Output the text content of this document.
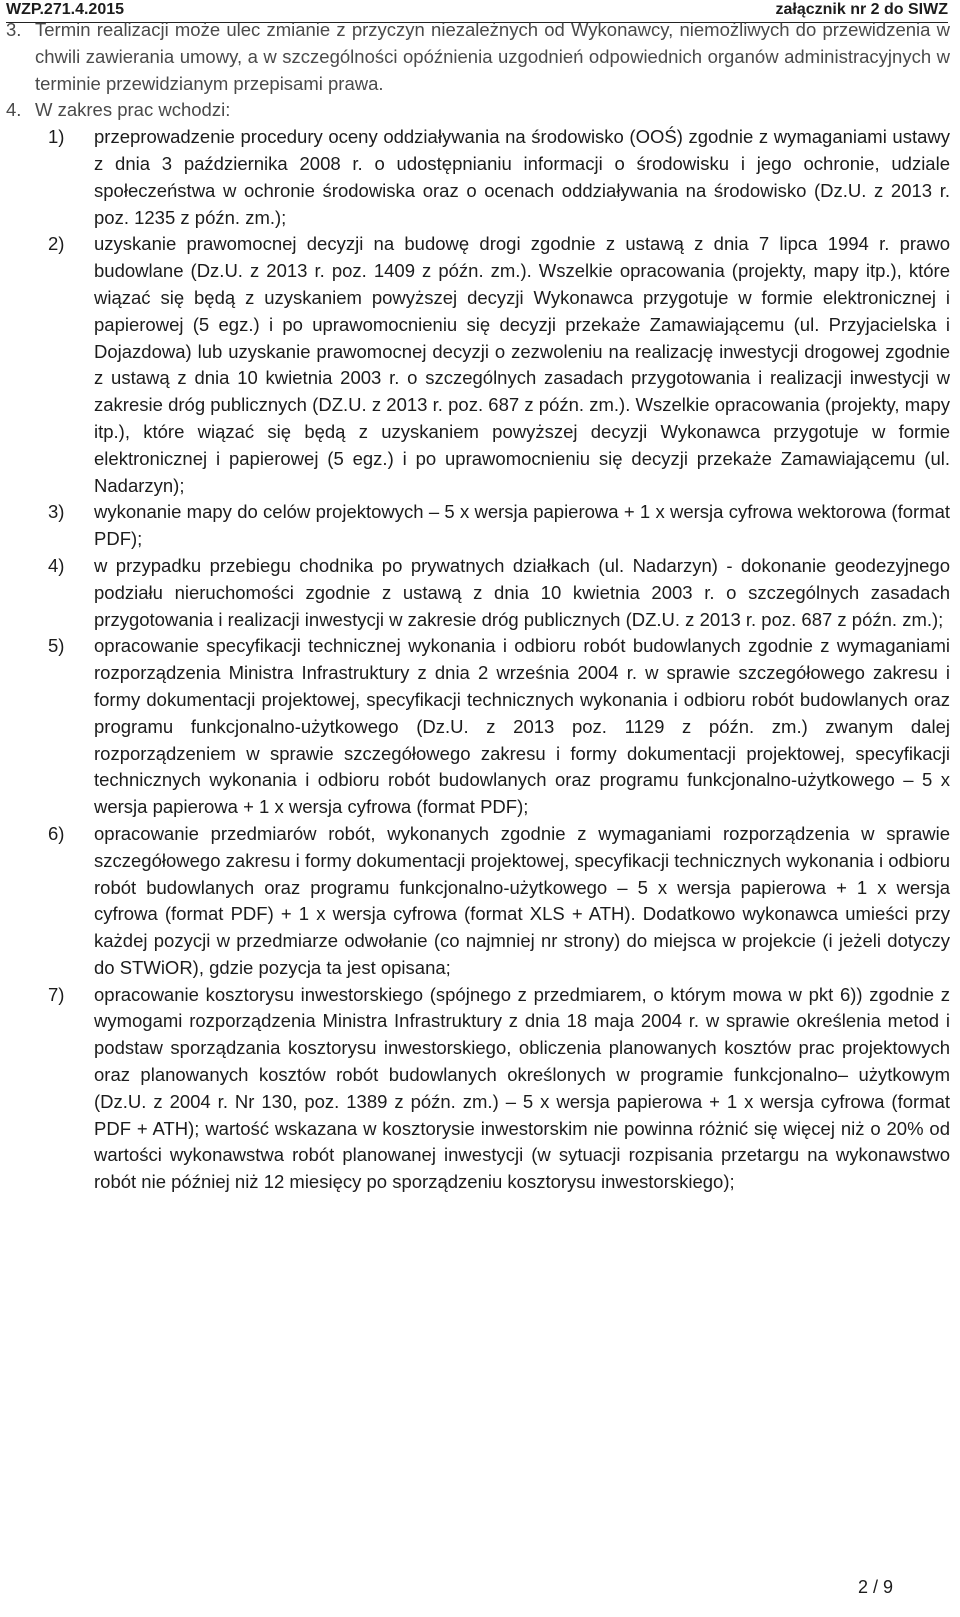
WZP.271.4.2015	załącznik nr 2 do SIWZ
3. Termin realizacji może ulec zmianie z przyczyn niezależnych od Wykonawcy, niemożliwych do przewidzenia w chwili zawierania umowy, a w szczególności opóźnienia uzgodnień odpowiednich organów administracyjnych w terminie przewidzianym przepisami prawa.
4. W zakres prac wchodzi:
1) przeprowadzenie procedury oceny oddziaływania na środowisko (OOŚ) zgodnie z wymaganiami ustawy z dnia 3 października 2008 r. o udostępnianiu informacji o środowisku i jego ochronie, udziale społeczeństwa w ochronie środowiska oraz o ocenach oddziaływania na środowisko (Dz.U. z 2013 r. poz. 1235 z późn. zm.);
2) uzyskanie prawomocnej decyzji na budowę drogi zgodnie z ustawą z dnia 7 lipca 1994 r. prawo budowlane (Dz.U. z 2013 r. poz. 1409 z późn. zm.). Wszelkie opracowania (projekty, mapy itp.), które wiązać się będą z uzyskaniem powyższej decyzji Wykonawca przygotuje w formie elektronicznej i papierowej (5 egz.) i po uprawomocnieniu się decyzji przekaże Zamawiającemu (ul. Przyjacielska i Dojazdowa) lub uzyskanie prawomocnej decyzji o zezwoleniu na realizację inwestycji drogowej zgodnie z ustawą z dnia 10 kwietnia 2003 r. o szczególnych zasadach przygotowania i realizacji inwestycji w zakresie dróg publicznych (DZ.U. z 2013 r. poz. 687 z późn. zm.). Wszelkie opracowania (projekty, mapy itp.), które wiązać się będą z uzyskaniem powyższej decyzji Wykonawca przygotuje w formie elektronicznej i papierowej (5 egz.) i po uprawomocnieniu się decyzji przekaże Zamawiającemu (ul. Nadarzyn);
3) wykonanie mapy do celów projektowych – 5 x wersja papierowa + 1 x wersja cyfrowa wektorowa (format PDF);
4) w przypadku przebiegu chodnika po prywatnych działkach (ul. Nadarzyn) - dokonanie geodezyjnego podziału nieruchomości zgodnie z ustawą z dnia 10 kwietnia 2003 r. o szczególnych zasadach przygotowania i realizacji inwestycji w zakresie dróg publicznych (DZ.U. z 2013 r. poz. 687 z późn. zm.);
5) opracowanie specyfikacji technicznej wykonania i odbioru robót budowlanych zgodnie z wymaganiami rozporządzenia Ministra Infrastruktury z dnia 2 września 2004 r. w sprawie szczegółowego zakresu i formy dokumentacji projektowej, specyfikacji technicznych wykonania i odbioru robót budowlanych oraz programu funkcjonalno-użytkowego (Dz.U. z 2013 poz. 1129 z późn. zm.) zwanym dalej rozporządzeniem w sprawie szczegółowego zakresu i formy dokumentacji projektowej, specyfikacji technicznych wykonania i odbioru robót budowlanych oraz programu funkcjonalno-użytkowego – 5 x wersja papierowa + 1 x wersja cyfrowa (format PDF);
6) opracowanie przedmiarów robót, wykonanych zgodnie z wymaganiami rozporządzenia w sprawie szczegółowego zakresu i formy dokumentacji projektowej, specyfikacji technicznych wykonania i odbioru robót budowlanych oraz programu funkcjonalno-użytkowego – 5 x wersja papierowa + 1 x wersja cyfrowa (format PDF) + 1 x wersja cyfrowa (format XLS + ATH). Dodatkowo wykonawca umieści przy każdej pozycji w przedmiarze odwołanie (co najmniej nr strony) do miejsca w projekcie (i jeżeli dotyczy do STWiOR), gdzie pozycja ta jest opisana;
7) opracowanie kosztorysu inwestorskiego (spójnego z przedmiarem, o którym mowa w pkt 6)) zgodnie z wymogami rozporządzenia Ministra Infrastruktury z dnia 18 maja 2004 r. w sprawie określenia metod i podstaw sporządzania kosztorysu inwestorskiego, obliczenia planowanych kosztów prac projektowych oraz planowanych kosztów robót budowlanych określonych w programie funkcjonalno– użytkowym (Dz.U. z 2004 r. Nr 130, poz. 1389 z późn. zm.) – 5 x wersja papierowa + 1 x wersja cyfrowa (format PDF + ATH); wartość wskazana w kosztorysie inwestorskim nie powinna różnić się więcej niż o 20% od wartości wykonawstwa robót planowanej inwestycji (w sytuacji rozpisania przetargu na wykonawstwo robót nie później niż 12 miesięcy po sporządzeniu kosztorysu inwestorskiego);
2 / 9
